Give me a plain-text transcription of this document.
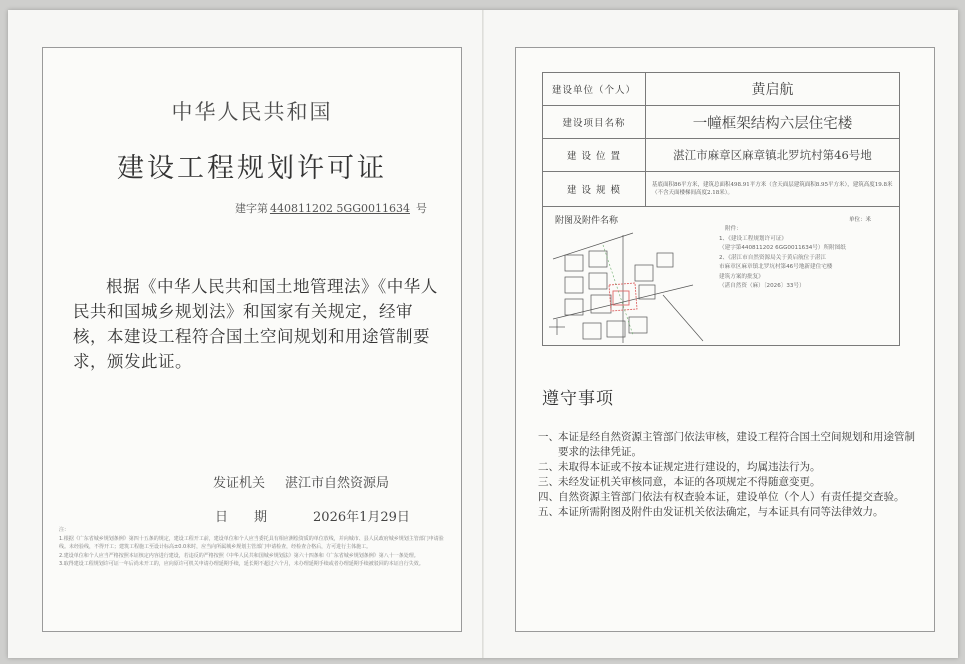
中华人民共和国
建设工程规划许可证
建字第 440811202 5GG0011634 号
根据《中华人民共和国土地管理法》《中华人民共和国城乡规划法》和国家有关规定，经审核，本建设工程符合国土空间规划和用途管制要求，颁发此证。
发证机关 湛江市自然资源局
日 期	2026年1月29日
注：
1.根据《广东省城乡规划条例》第四十五条的规定，建设工程开工前，建设单位和个人应当委托具有相应测绘资质的单位放线，并向城市、县人民政府城乡规划主管部门申请验线。未经验线，不得开工；建筑工程施工至设计标高±0.0米时，应当向所属城乡规划主管部门申请检查，经检查合格后，方可进行主体施工。
2.建设单位和个人应当严格按照本证核定内容进行建设，若违反的严格按照《中华人民共和国城乡规划法》第六十四条和《广东省城乡规划条例》第八十一条处理。
3.取得建设工程规划许可证一年后尚未开工的，应向原许可机关申请办理延期手续，延长期不超过六个月，未办理延期手续或者办理延期手续被驳回的本证自行失效。
建设单位（个人）	黄启航
建设项目名称	一幢框架结构六层住宅楼
建 设 位 置	湛江市麻章区麻章镇北罗坑村第46号地
建 设 规 模	基底面积86平方米，建筑总面积498.91平方米（含天面层建筑面积8.95平方米），建筑高度19.8米（不含天面楼梯间高度2.18米）。
附图及附件名称	单位：米
附件：

1、《建设工程规划许可证》

（建字第440811202 6GG0011634号）所附图纸

2、《湛江市自然资源局关于黄启航位于湛江

市麻章区麻章镇北罗坑村第46号地新建住宅楼

建筑方案的批复》

（湛自然资（麻）〔2026〕33号）

遵守事项
一、 本证是经自然资源主管部门依法审核，建设工程符合国土空间规划和用途管制要求的法律凭证。
二、 未取得本证或不按本证规定进行建设的，均属违法行为。
三、 未经发证机关审核同意，本证的各项规定不得随意变更。
四、 自然资源主管部门依法有权查验本证，建设单位（个人）有责任提交查验。
五、 本证所需附图及附件由发证机关依法确定，与本证具有同等法律效力。
